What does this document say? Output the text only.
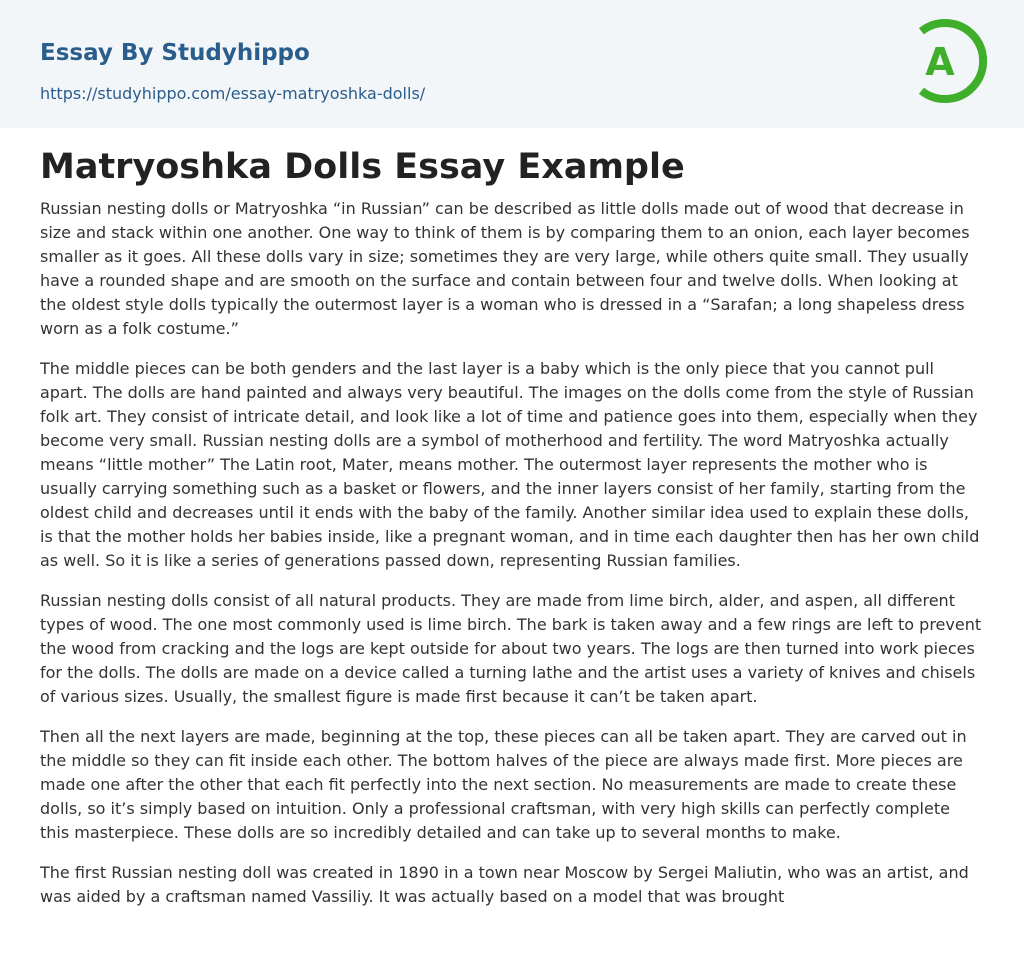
Essay By Studyhippo
https://studyhippo.com/essay-matryoshka-dolls/
A
Matryoshka Dolls Essay Example

Russian nesting dolls or Matryoshka “in Russian” can be described as little dolls made out of wood that decrease in size and stack within one another. One way to think of them is by comparing them to an onion, each layer becomes smaller as it goes. All these dolls vary in size; sometimes they are very large, while others quite small. They usually have a rounded shape and are smooth on the surface and contain between four and twelve dolls. When looking at the oldest style dolls typically the outermost layer is a woman who is dressed in a “Sarafan; a long shapeless dress worn as a folk costume.”

The middle pieces can be both genders and the last layer is a baby which is the only piece that you cannot pull apart. The dolls are hand painted and always very beautiful. The images on the dolls come from the style of Russian folk art. They consist of intricate detail, and look like a lot of time and patience goes into them, especially when they become very small. Russian nesting dolls are a symbol of motherhood and fertility. The word Matryoshka actually means “little mother” The Latin root, Mater, means mother. The outermost layer represents the mother who is usually carrying something such as a basket or flowers, and the inner layers consist of her family, starting from the oldest child and decreases until it ends with the baby of the family. Another similar idea used to explain these dolls, is that the mother holds her babies inside, like a pregnant woman, and in time each daughter then has her own child as well. So it is like a series of generations passed down, representing Russian families.

Russian nesting dolls consist of all natural products. They are made from lime birch, alder, and aspen, all different types of wood. The one most commonly used is lime birch. The bark is taken away and a few rings are left to prevent the wood from cracking and the logs are kept outside for about two years. The logs are then turned into work pieces for the dolls. The dolls are made on a device called a turning lathe and the artist uses a variety of knives and chisels of various sizes. Usually, the smallest figure is made first because it can’t be taken apart.

Then all the next layers are made, beginning at the top, these pieces can all be taken apart. They are carved out in the middle so they can fit inside each other. The bottom halves of the piece are always made first. More pieces are made one after the other that each fit perfectly into the next section. No measurements are made to create these dolls, so it’s simply based on intuition. Only a professional craftsman, with very high skills can perfectly complete this masterpiece. These dolls are so incredibly detailed and can take up to several months to make.

The first Russian nesting doll was created in 1890 in a town near Moscow by Sergei Maliutin, who was an artist, and was aided by a craftsman named Vassiliy. It was actually based on a model that was brought
